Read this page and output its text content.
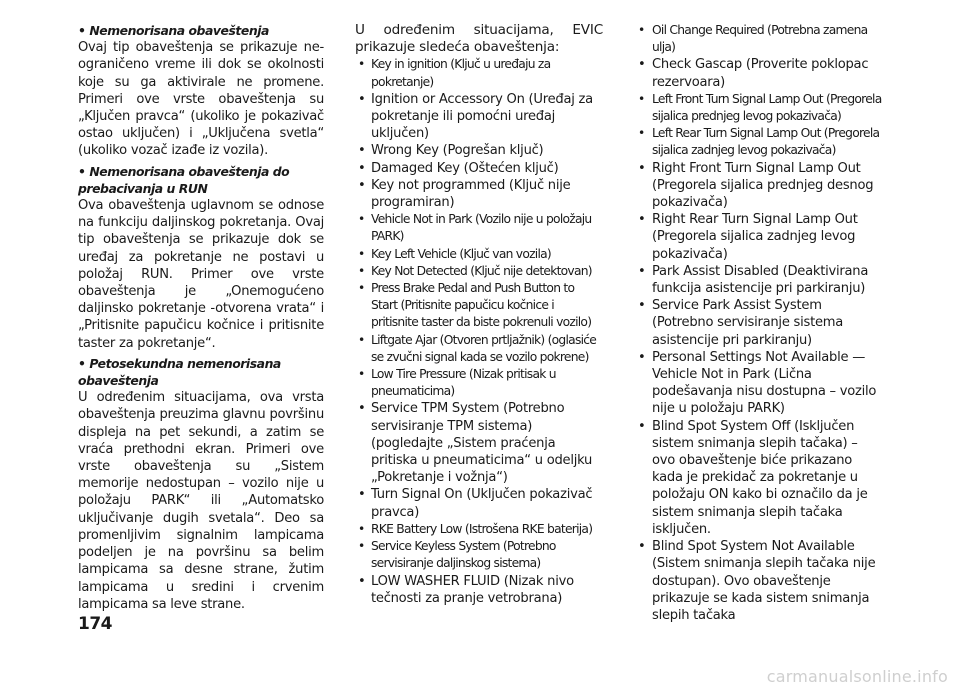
• Nemenorisana obaveštenja
Ovaj tip obaveštenja se prikazuje ne-ograničeno vreme ili dok se okolnosti koje su ga aktivirale ne promene. Primeri ove vrste obaveštenja su „Ključen pravca“ (ukoliko je pokazivač ostao uključen) i „Uključena svetla“ (ukoliko vozač izađe iz vozila).
• Nemenorisana obaveštenja do prebacivanja u RUN
Ova obaveštenja uglavnom se odnose na funkciju daljinskog pokretanja. Ovaj tip obaveštenja se prikazuje dok se uređaj za pokretanje ne postavi u položaj RUN. Primer ove vrste obaveštenja je „Onemogućeno daljinsko pokretanje -otvorena vrata“ i „Pritisnite papučicu kočnice i pritisnite taster za pokretanje“.
• Petosekundna nemenorisana obaveštenja
U određenim situacijama, ova vrsta obaveštenja preuzima glavnu površinu displeja na pet sekundi, a zatim se vraća prethodni ekran. Primeri ove vrste obaveštenja su „Sistem memorije nedostupan – vozilo nije u položaju PARK“ ili „Automatsko uključivanje dugih svetala“. Deo sa promenljivim signalnim lampicama podeljen je na površinu sa belim lampicama sa desne strane, žutim lampicama u sredini i crvenim lampicama sa leve strane.
U određenim situacijama, EVIC prikazuje sledeća obaveštenja:
• Key in ignition (Ključ u uređaju za pokretanje)
• Ignition or Accessory On (Uređaj za pokretanje ili pomoćni uređaj uključen)
• Wrong Key (Pogrešan ključ)
• Damaged Key (Oštećen ključ)
• Key not programmed (Ključ nije programiran)
• Vehicle Not in Park (Vozilo nije u položaju PARK)
• Key Left Vehicle (Ključ van vozila)
• Key Not Detected (Ključ nije detektovan)
• Press Brake Pedal and Push Button to Start (Pritisnite papučicu kočnice i pritisnite taster da biste pokrenuli vozilo)
• Liftgate Ajar (Otvoren prtljažnik) (oglasiće se zvučni signal kada se vozilo pokrene)
• Low Tire Pressure (Nizak pritisak u pneumaticima)
• Service TPM System (Potrebno servisiranje TPM sistema) (pogledajte „Sistem praćenja pritiska u pneumaticima“ u odeljku „Pokretanje i vožnja“)
• Turn Signal On (Uključen pokazivač pravca)
• RKE Battery Low (Istrošena RKE baterija)
• Service Keyless System (Potrebno servisiranje daljinskog sistema)
• LOW WASHER FLUID (Nizak nivo tečnosti za pranje vetrobrana)
• Oil Change Required (Potrebna zamena ulja)
• Check Gascap (Proverite poklopac rezervoara)
• Left Front Turn Signal Lamp Out (Pregorela sijalica prednjeg levog pokazivača)
• Left Rear Turn Signal Lamp Out (Pregorela sijalica zadnjeg levog pokazivača)
• Right Front Turn Signal Lamp Out (Pregorela sijalica prednjeg desnog pokazivača)
• Right Rear Turn Signal Lamp Out (Pregorela sijalica zadnjeg levog pokazivača)
• Park Assist Disabled (Deaktivirana funkcija asistencije pri parkiranju)
• Service Park Assist System (Potrebno servisiranje sistema asistencije pri parkiranju)
• Personal Settings Not Available —Vehicle Not in Park (Lična podešavanja nisu dostupna – vozilo nije u položaju PARK)
• Blind Spot System Off (Isključen sistem snimanja slepih tačaka) – ovo obaveštenje biće prikazano kada je prekidač za pokretanje u položaju ON kako bi označilo da je sistem snimanja slepih tačaka isključen.
• Blind Spot System Not Available (Sistem snimanja slepih tačaka nije dostupan). Ovo obaveštenje prikazuje se kada sistem snimanja slepih tačaka
174
carmanualsonline.info
